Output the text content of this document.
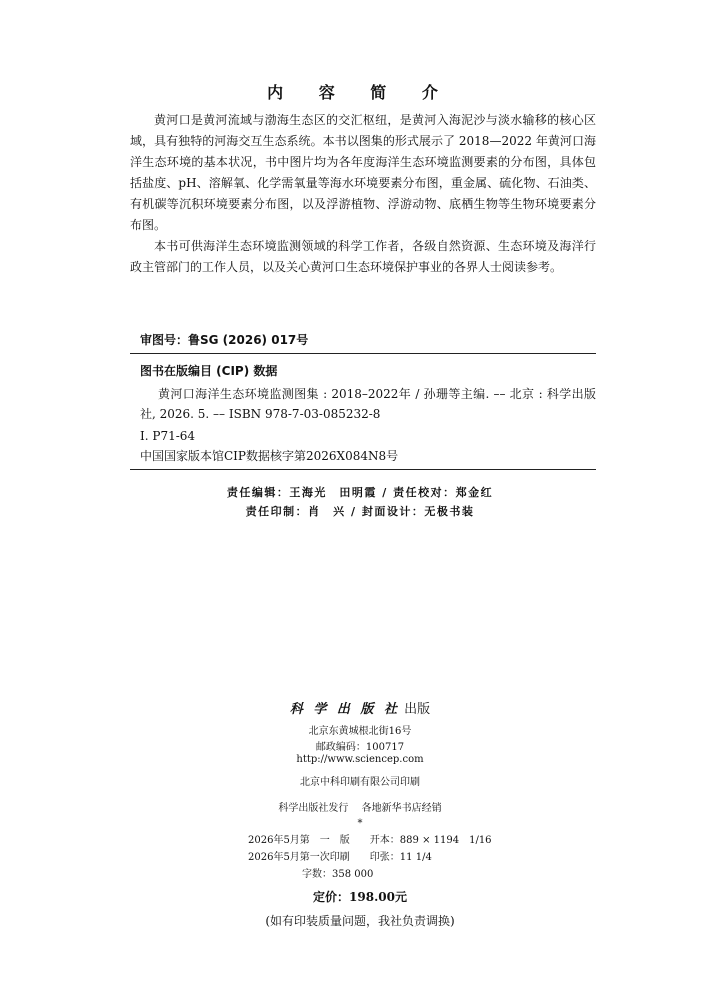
内 容 简 介

黄河口是黄河流域与渤海生态区的交汇枢纽，是黄河入海泥沙与淡水输移的核心区域，具有独特的河海交互生态系统。本书以图集的形式展示了 2018—2022 年黄河口海洋生态环境的基本状况，书中图片均为各年度海洋生态环境监测要素的分布图，具体包括盐度、pH、溶解氧、化学需氧量等海水环境要素分布图，重金属、硫化物、石油类、有机碳等沉积环境要素分布图，以及浮游植物、浮游动物、底栖生物等生物环境要素分布图。

本书可供海洋生态环境监测领域的科学工作者，各级自然资源、生态环境及海洋行政主管部门的工作人员，以及关心黄河口生态环境保护事业的各界人士阅读参考。

审图号：鲁SG (2026) 017号
图书在版编目 (CIP) 数据
黄河口海洋生态环境监测图集 : 2018–2022年 / 孙珊等主编. –– 北京 : 科学出版社, 2026. 5. –– ISBN 978-7-03-085232-8
Ⅰ. P71-64
中国国家版本馆CIP数据核字第2026X084N8号
责任编辑：王海光　田明霞 / 责任校对：郑金红
责任印制：肖　兴 / 封面设计：无极书装
科 学 出 版 社 出版
北京东黄城根北街16号
邮政编码：100717
http://www.sciencep.com
北京中科印刷有限公司印刷
科学出版社发行　 各地新华书店经销
*
2026年5月第　一　版　　开本：889 × 1194　1/16
2026年5月第一次印刷　　印张：11 1/4
字数：358 000
定价：198.00元
(如有印装质量问题，我社负责调换)
